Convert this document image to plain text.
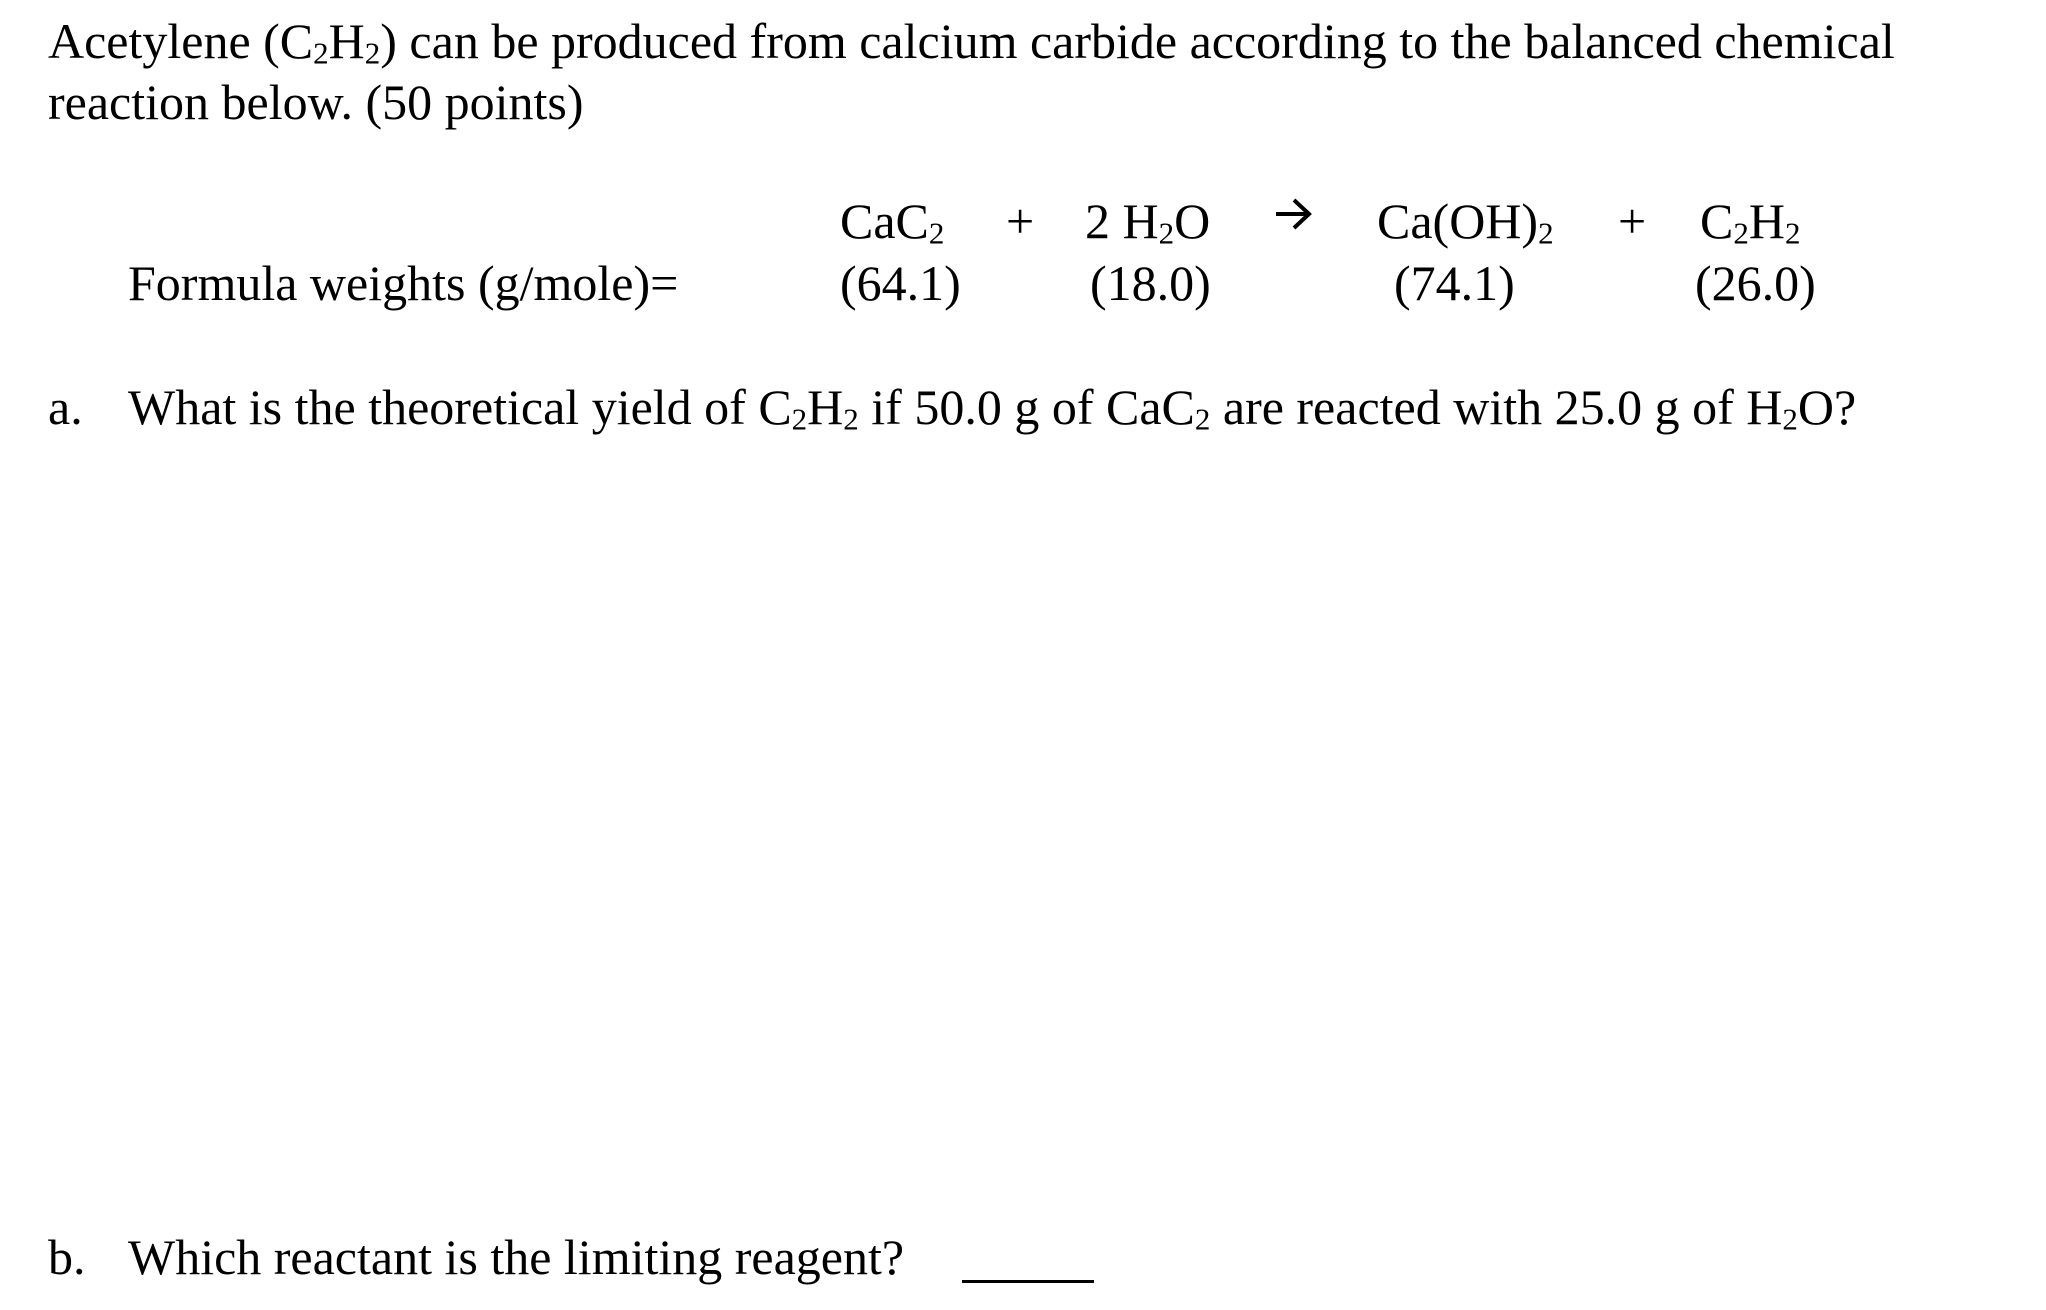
Acetylene $(C_2H_2)$ can be produced from calcium carbide according to the balanced chemical
reaction below. (50 points)
CaC$_2$ + 2 $H_2O \to Ca(OH)_2 + C_2H_2$
Formula weights (g/mole)=	(64.1)	(18.0)	(74.1)	(26.0)
a. What is the theoretical yield of $C_2H_2$ if 50.0 g of CaC$_2$ are reacted with 25.0 g of $H_2O$?
b. Which reactant is the limiting reagent?
